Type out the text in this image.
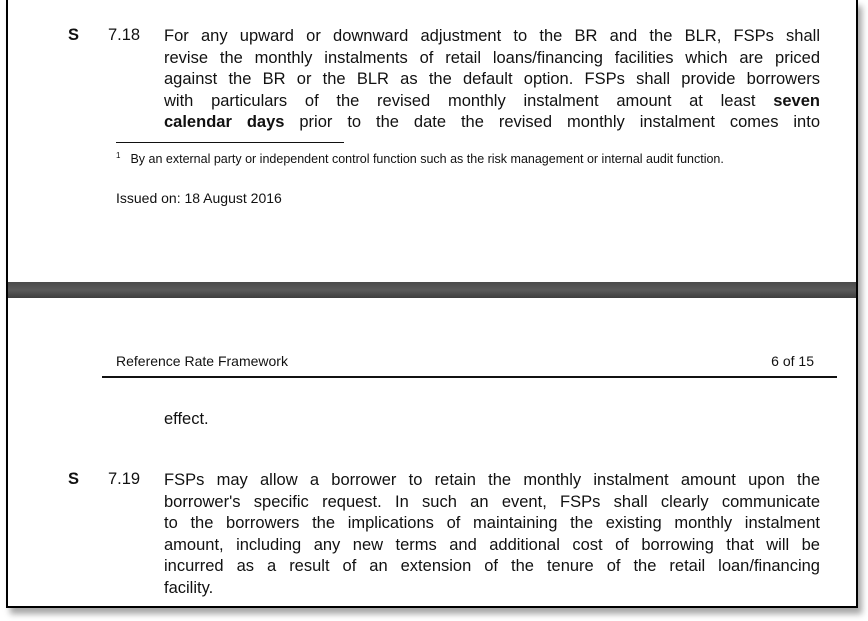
S 7.18 For any upward or downward adjustment to the BR and the BLR, FSPs shall
revise the monthly instalments of retail loans/financing facilities which are priced
against the BR or the BLR as the default option. FSPs shall provide borrowers
with particulars of the revised monthly instalment amount at least seven
calendar days prior to the date the revised monthly instalment comes into
$^1$ By an external party or independent control function such as the risk management or internal audit function.
Issued on: 18 August 2016
Reference Rate Framework	6 of 15
effect.
S 7.19 FSPs may allow a borrower to retain the monthly instalment amount upon the
borrower's specific request. In such an event, FSPs shall clearly communicate
to the borrowers the implications of maintaining the existing monthly instalment
amount, including any new terms and additional cost of borrowing that will be
incurred as a result of an extension of the tenure of the retail loan/financing
facility.
